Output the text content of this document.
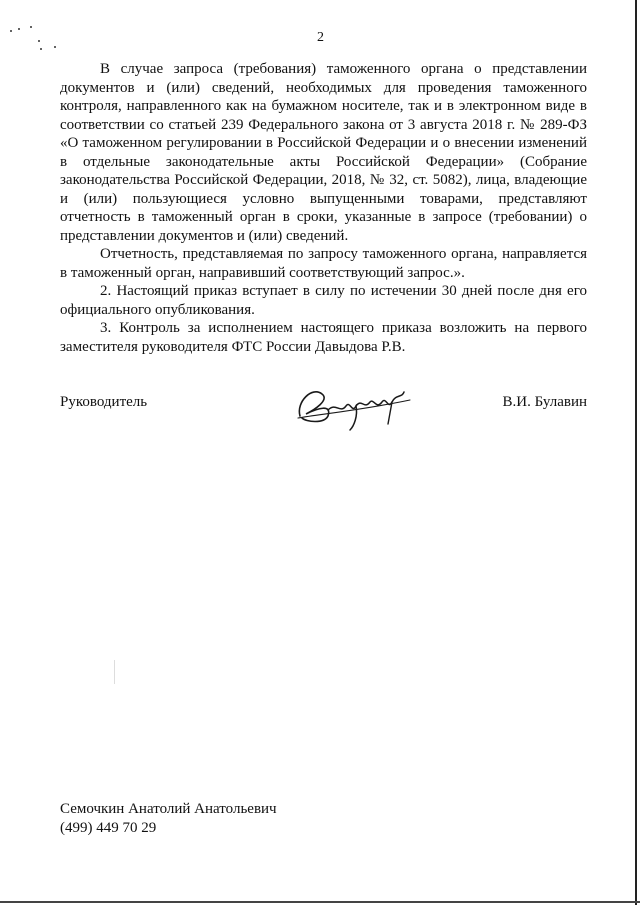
2

В случае запроса (требования) таможенного органа о представлении документов и (или) сведений, необходимых для проведения таможенного контроля, направленного как на бумажном носителе, так и в электронном виде в соответствии со статьей 239 Федерального закона от 3 августа 2018 г. № 289-ФЗ «О таможенном регулировании в Российской Федерации и о внесении изменений в отдельные законодательные акты Российской Федерации» (Собрание законодательства Российской Федерации, 2018, № 32, ст. 5082), лица, владеющие и (или) пользующиеся условно выпущенными товарами, представляют отчетность в таможенный орган в сроки, указанные в запросе (требовании) о представлении документов и (или) сведений.

Отчетность, представляемая по запросу таможенного органа, направляется в таможенный орган, направивший соответствующий запрос.».

2. Настоящий приказ вступает в силу по истечении 30 дней после дня его официального опубликования.

3. Контроль за исполнением настоящего приказа возложить на первого заместителя руководителя ФТС России Давыдова Р.В.

Руководитель	В.И. Булавин
Семочкин Анатолий Анатольевич
(499) 449 70 29
